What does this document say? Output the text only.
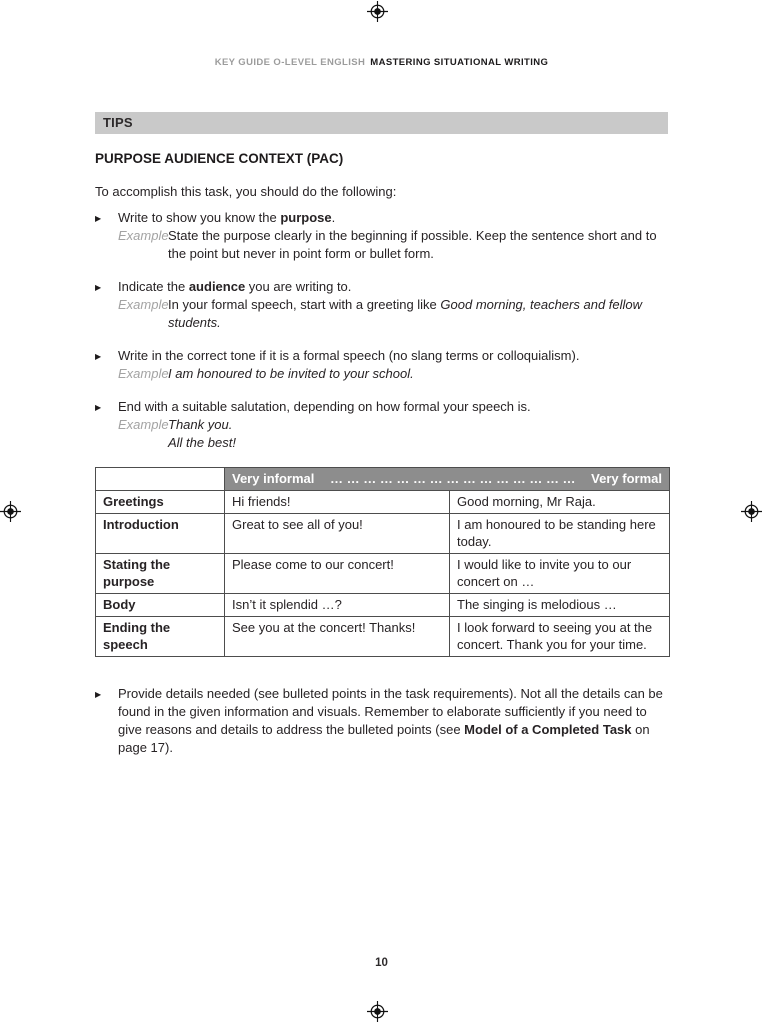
KEY GUIDE O-LEVEL ENGLISH MASTERING SITUATIONAL WRITING
TIPS
PURPOSE AUDIENCE CONTEXT (PAC)
To accomplish this task, you should do the following:
▶	Write to show you know the purpose.
Example State the purpose clearly in the beginning if possible. Keep the sentence short and to the point but never in point form or bullet form.
▶	Indicate the audience you are writing to.
Example In your formal speech, start with a greeting like Good morning, teachers and fellow students.
▶	Write in the correct tone if it is a formal speech (no slang terms or colloquialism).
Example I am honoured to be invited to your school.
▶	End with a suitable salutation, depending on how formal your speech is.
Example Thank you.
All the best!

	Very informal … … … … … … … … … … … … … … … Very formal	

Greetings	Hi friends!	Good morning, Mr Raja.
Introduction	Great to see all of you!	I am honoured to be standing here today.
Stating the purpose	Please come to our concert!	I would like to invite you to our concert on …
Body	Isn’t it splendid …?	The singing is melodious …
Ending the speech	See you at the concert! Thanks!	I look forward to seeing you at the concert. Thank you for your time.
▶	Provide details needed (see bulleted points in the task requirements). Not all the details can be found in the given information and visuals. Remember to elaborate sufficiently if you need to give reasons and details to address the bulleted points (see Model of a Completed Task on page 17).
10
